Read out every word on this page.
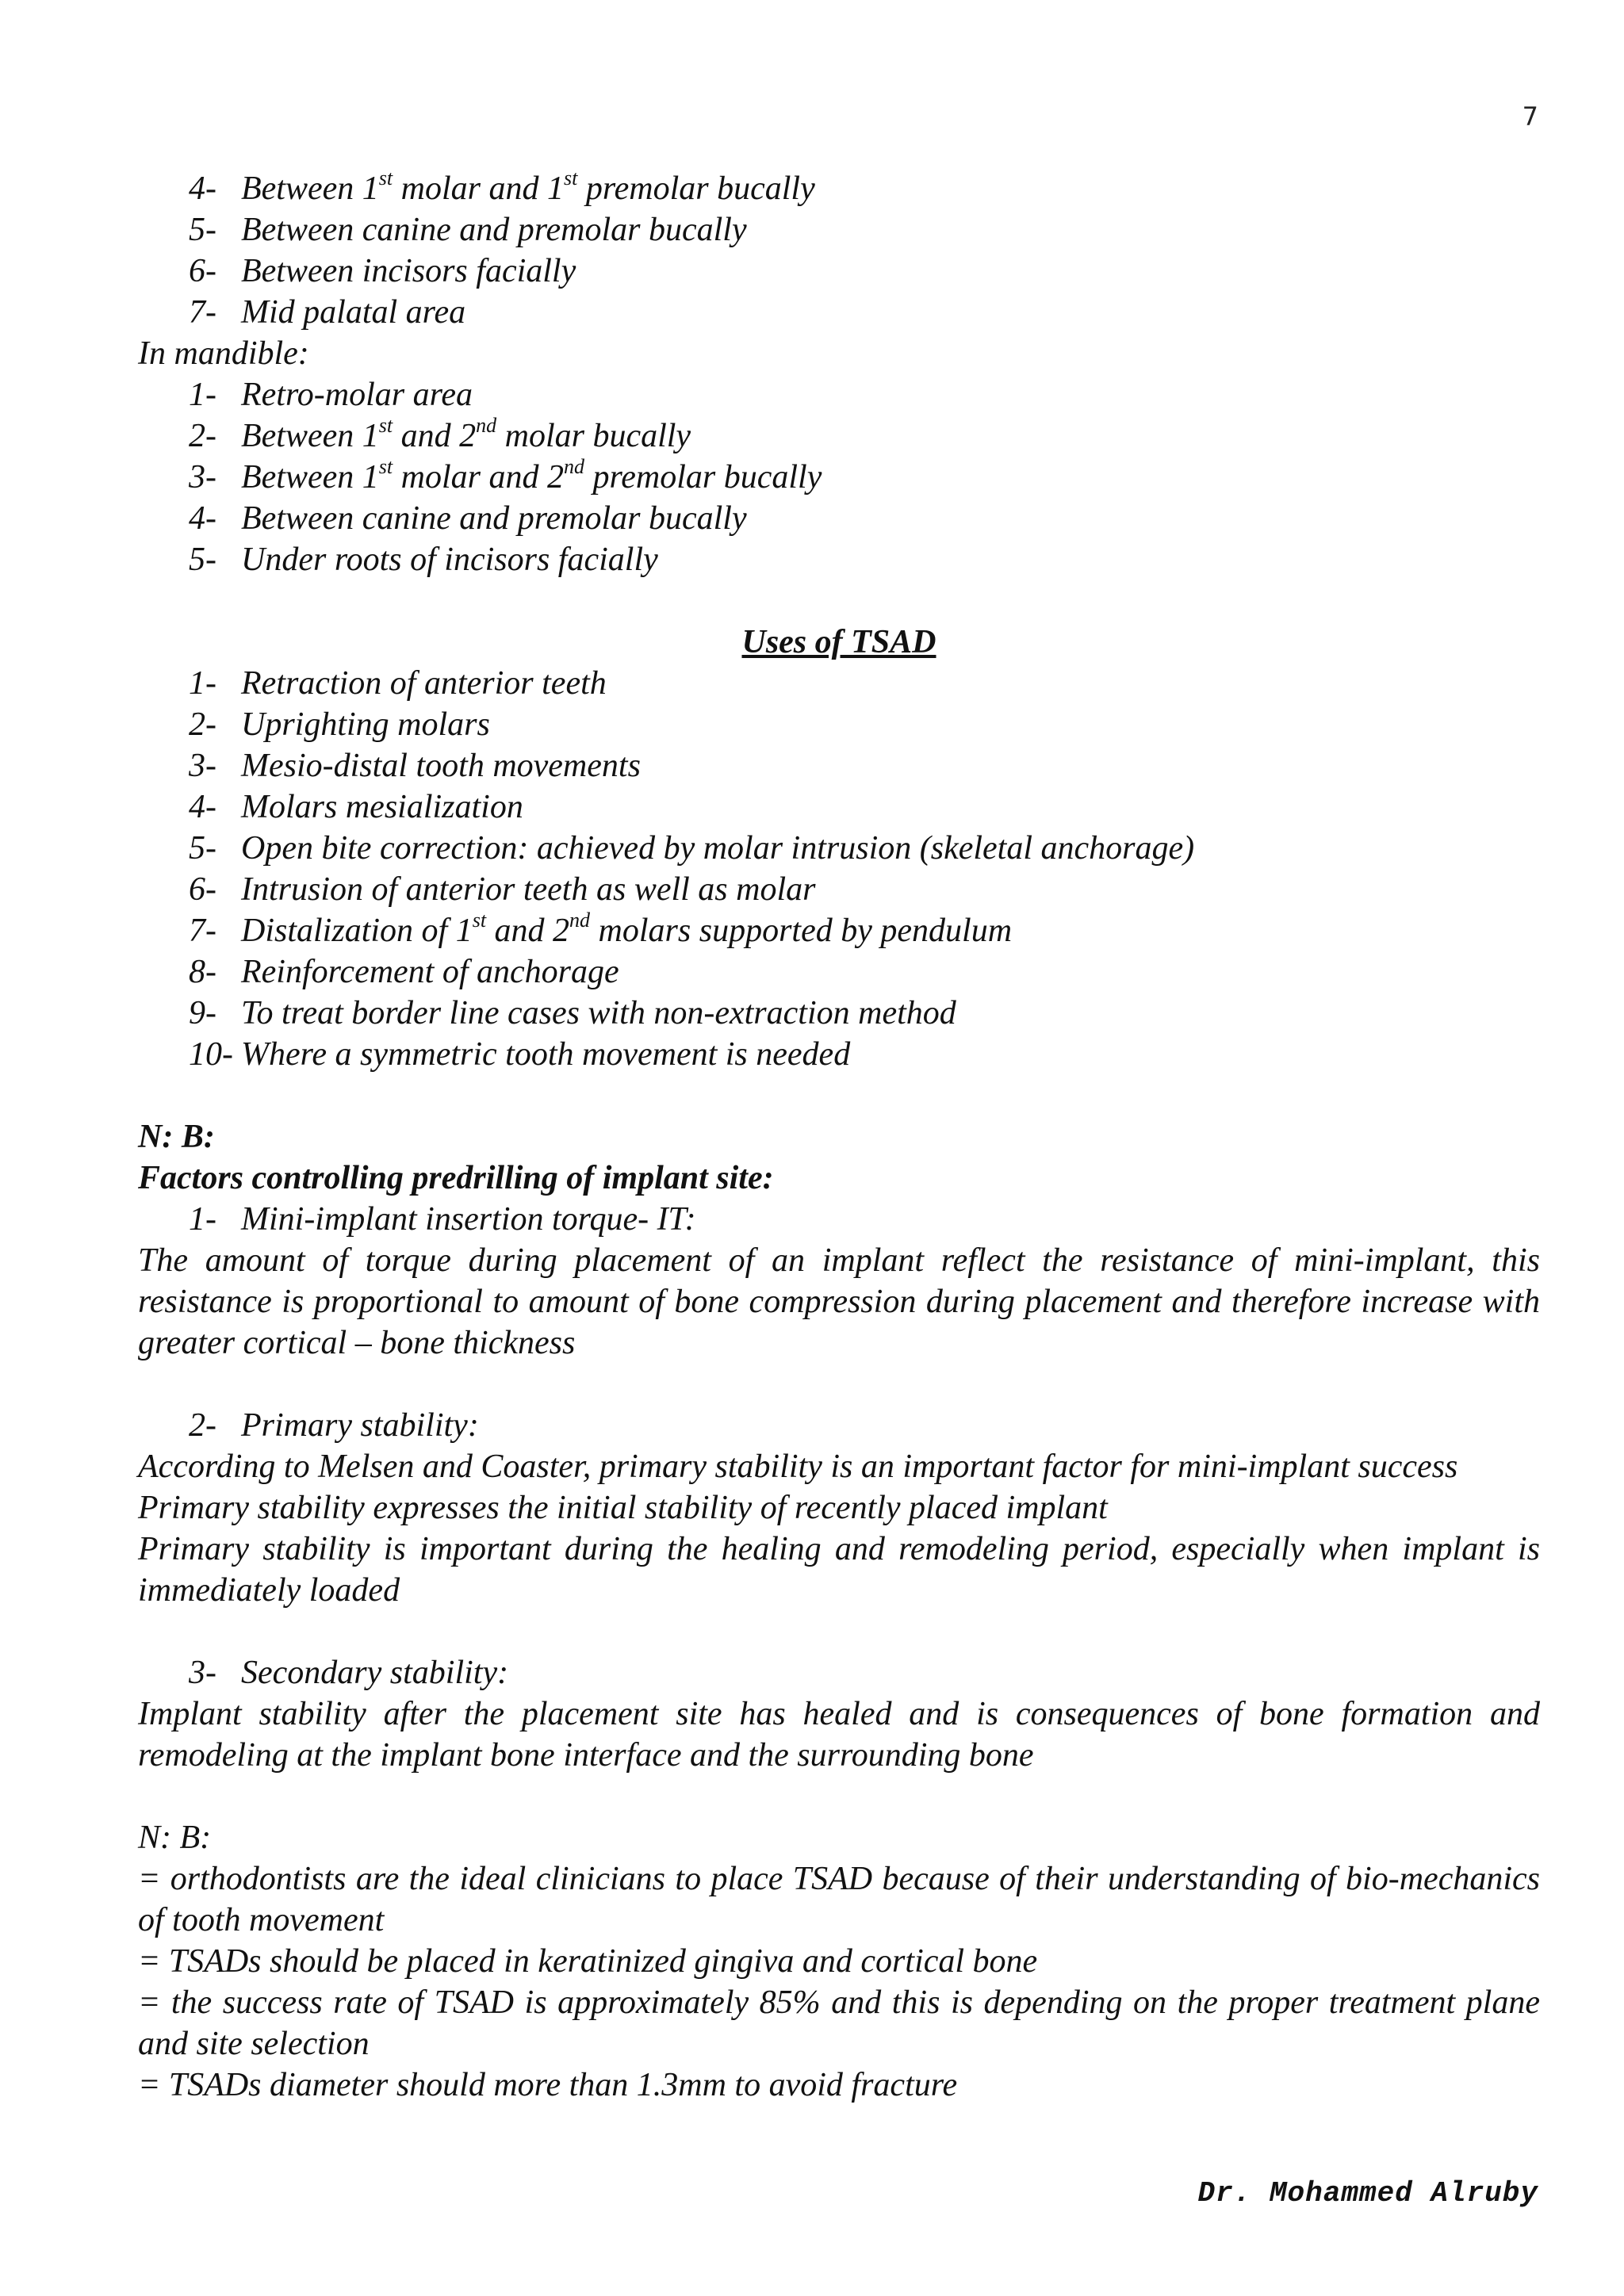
7
4- Between 1st molar and 1st premolar bucally
5- Between canine and premolar bucally
6- Between incisors facially
7- Mid palatal area
In mandible:
1- Retro-molar area
2- Between 1st and 2nd molar bucally
3- Between 1st molar and 2nd premolar bucally
4- Between canine and premolar bucally
5- Under roots of incisors facially
Uses of TSAD
1- Retraction of anterior teeth
2- Uprighting molars
3- Mesio-distal tooth movements
4- Molars mesialization
5- Open bite correction: achieved by molar intrusion (skeletal anchorage)
6- Intrusion of anterior teeth as well as molar
7- Distalization of 1st and 2nd molars supported by pendulum
8- Reinforcement of anchorage
9- To treat border line cases with non-extraction method
10- Where a symmetric tooth movement is needed
N: B:
Factors controlling predrilling of implant site:
1- Mini-implant insertion torque- IT:
The amount of torque during placement of an implant reflect the resistance of mini-implant, this resistance is proportional to amount of bone compression during placement and therefore increase with greater cortical – bone thickness
2- Primary stability:
According to Melsen and Coaster, primary stability is an important factor for mini-implant success
Primary stability expresses the initial stability of recently placed implant
Primary stability is important during the healing and remodeling period, especially when implant is immediately loaded
3- Secondary stability:
Implant stability after the placement site has healed and is consequences of bone formation and remodeling at the implant bone interface and the surrounding bone
N: B:
= orthodontists are the ideal clinicians to place TSAD because of their understanding of bio-mechanics of tooth movement
= TSADs should be placed in keratinized gingiva and cortical bone
= the success rate of TSAD is approximately 85% and this is depending on the proper treatment plane and site selection
= TSADs diameter should more than 1.3mm to avoid fracture
Dr. Mohammed Alruby
